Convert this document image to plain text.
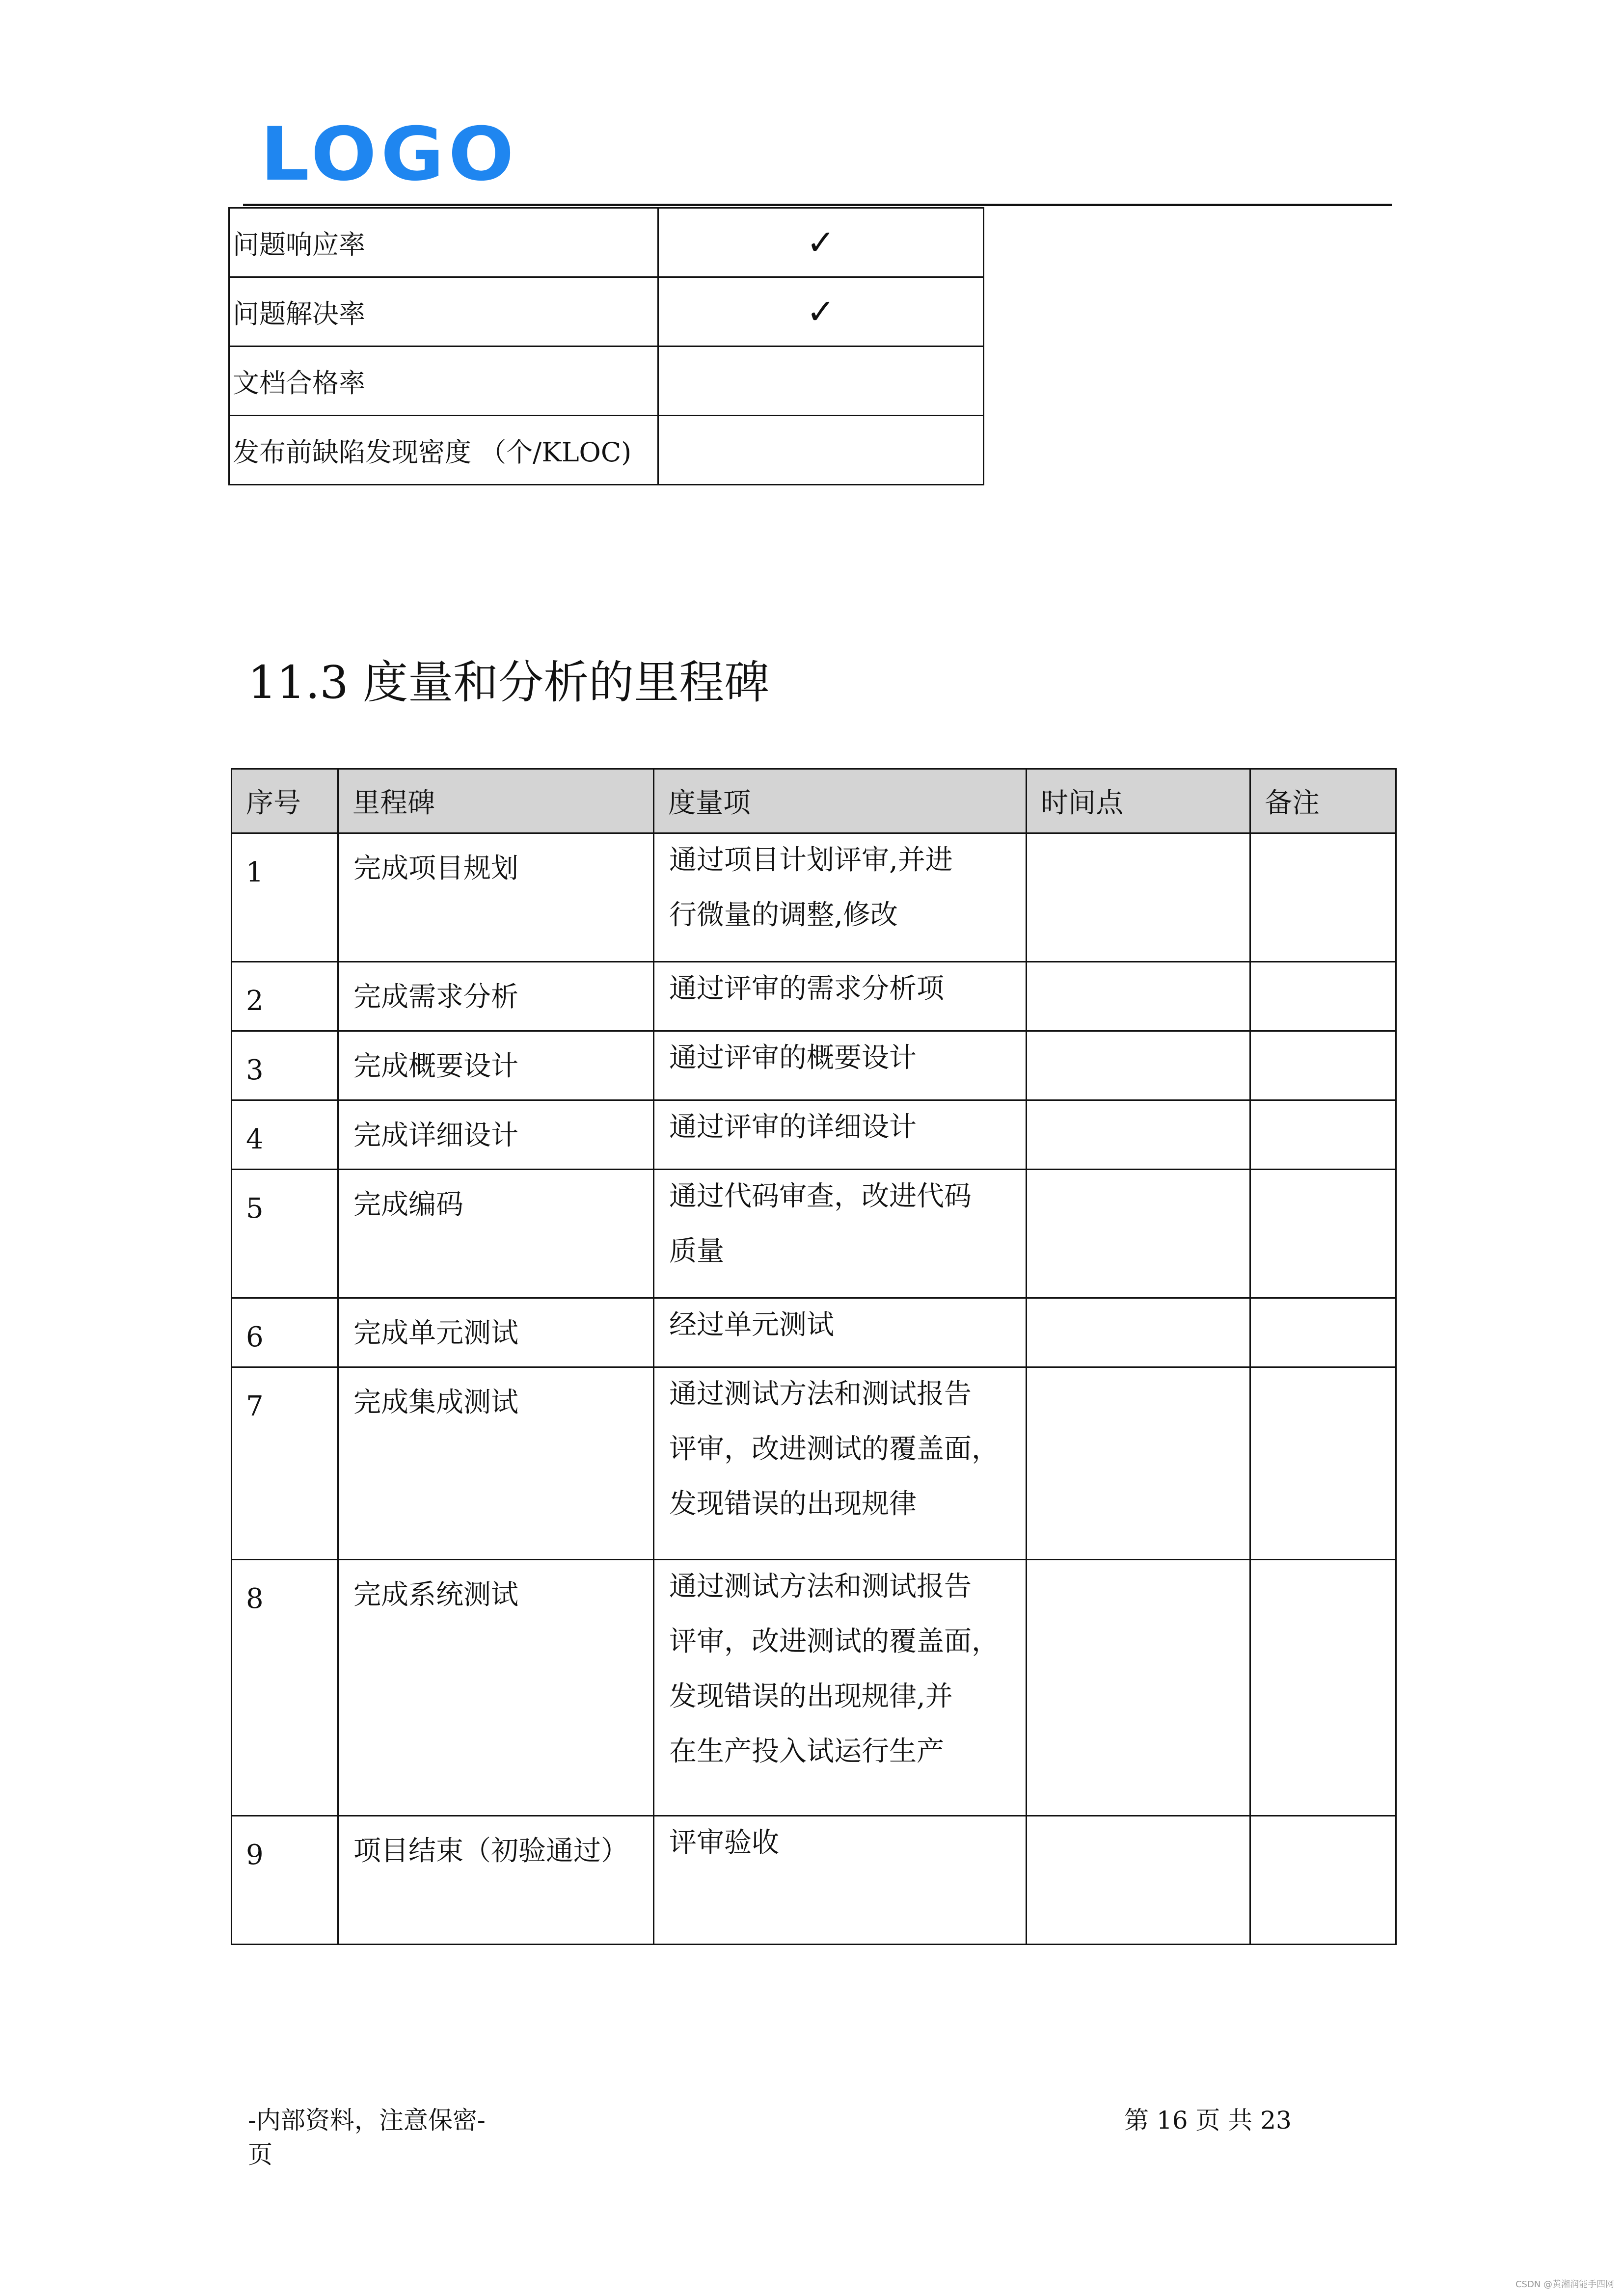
LOGO
问题响应率	✓
问题解决率	✓
文档合格率	
发布前缺陷发现密度 （个/KLOC)	
11.3 度量和分析的里程碑
序号	里程碑	度量项	时间点	备注
1	完成项目规划	通过项目计划评审,并进
行微量的调整,修改		

2	完成需求分析	通过评审的需求分析项		

3	完成概要设计	通过评审的概要设计		

4	完成详细设计	通过评审的详细设计		

5	完成编码	通过代码审查，改进代码
质量		

6	完成单元测试	经过单元测试		

7	完成集成测试	通过测试方法和测试报告
评审，改进测试的覆盖面，
发现错误的出现规律		

8	完成系统测试	通过测试方法和测试报告
评审，改进测试的覆盖面，
发现错误的出现规律,并
在生产投入试运行生产		

9	项目结束（初验通过）	评审验收		

-内部资料，注意保密-
页
第 16 页 共 23
CSDN @黄湘润能手四网
